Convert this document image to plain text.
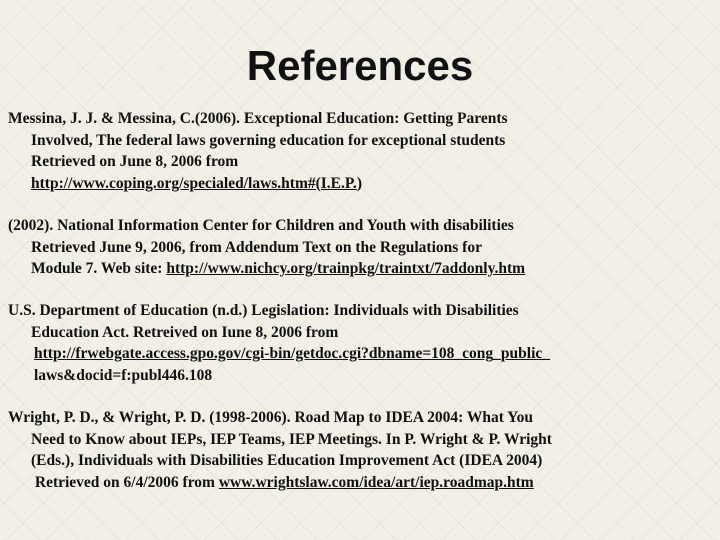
References
Messina, J. J. & Messina, C.(2006). Exceptional Education: Getting Parents
Involved, The federal laws governing education for exceptional students
Retrieved on June 8, 2006 from
http://www.coping.org/specialed/laws.htm#(I.E.P.)
(2002). National Information Center for Children and Youth with disabilities
Retrieved June 9, 2006, from Addendum Text on the Regulations for
Module 7. Web site: http://www.nichcy.org/trainpkg/traintxt/7addonly.htm
U.S. Department of Education (n.d.) Legislation: Individuals with Disabilities
Education Act. Retreived on Iune 8, 2006 from
http://frwebgate.access.gpo.gov/cgi-bin/getdoc.cgi?dbname=108_cong_public_
laws&docid=f:publ446.108
Wright, P. D., & Wright, P. D. (1998-2006). Road Map to IDEA 2004: What You
Need to Know about IEPs, IEP Teams, IEP Meetings. In P. Wright & P. Wright
(Eds.), Individuals with Disabilities Education Improvement Act (IDEA 2004)
Retrieved on 6/4/2006 from www.wrightslaw.com/idea/art/iep.roadmap.htm
